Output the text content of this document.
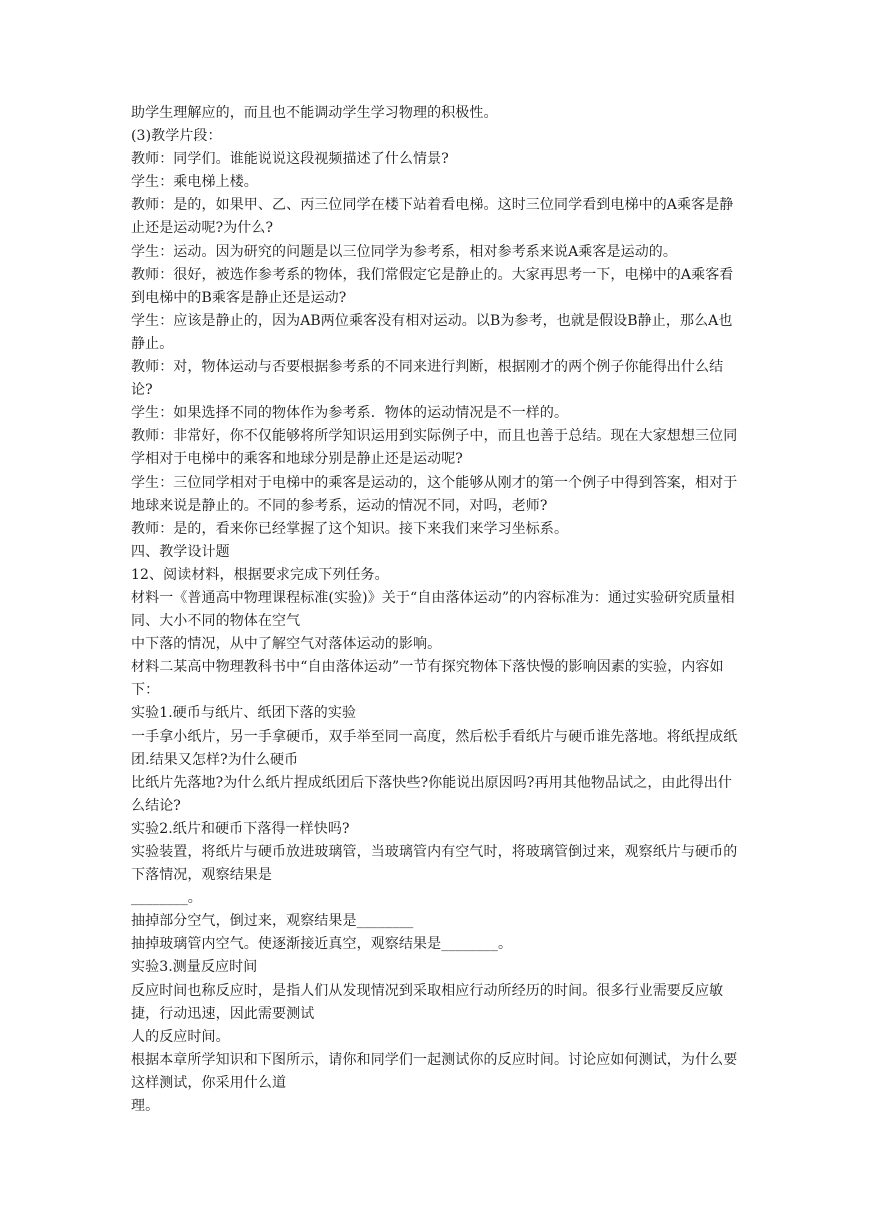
助学生理解应的，而且也不能调动学生学习物理的积极性。
(3)教学片段：
教师：同学们。谁能说说这段视频描述了什么情景?
学生：乘电梯上楼。
教师：是的，如果甲、乙、丙三位同学在楼下站着看电梯。这时三位同学看到电梯中的A乘客是静止还是运动呢?为什么?
学生：运动。因为研究的问题是以三位同学为参考系，相对参考系来说A乘客是运动的。
教师：很好，被选作参考系的物体，我们常假定它是静止的。大家再思考一下，电梯中的A乘客看到电梯中的B乘客是静止还是运动?
学生：应该是静止的，因为AB两位乘客没有相对运动。以B为参考，也就是假设B静止，那么A也静止。
教师：对，物体运动与否要根据参考系的不同来进行判断，根据刚才的两个例子你能得出什么结论?
学生：如果选择不同的物体作为参考系．物体的运动情况是不一样的。
教师：非常好，你不仅能够将所学知识运用到实际例子中，而且也善于总结。现在大家想想三位同学相对于电梯中的乘客和地球分别是静止还是运动呢?
学生：三位同学相对于电梯中的乘客是运动的，这个能够从刚才的第一个例子中得到答案，相对于地球来说是静止的。不同的参考系，运动的情况不同，对吗，老师?
教师：是的，看来你已经掌握了这个知识。接下来我们来学习坐标系。
四、教学设计题
12、阅读材料，根据要求完成下列任务。
材料一《普通高中物理课程标准(实验)》关于“自由落体运动”的内容标准为：通过实验研究质量相同、大小不同的物体在空气
中下落的情况，从中了解空气对落体运动的影响。
材料二某高中物理教科书中“自由落体运动”一节有探究物体下落快慢的影响因素的实验，内容如下：
实验1.硬币与纸片、纸团下落的实验
一手拿小纸片，另一手拿硬币，双手举至同一高度，然后松手看纸片与硬币谁先落地。将纸捏成纸团.结果又怎样?为什么硬币
比纸片先落地?为什么纸片捏成纸团后下落快些?你能说出原因吗?再用其他物品试之，由此得出什么结论?
实验2.纸片和硬币下落得一样快吗?
实验装置，将纸片与硬币放进玻璃管，当玻璃管内有空气时，将玻璃管倒过来，观察纸片与硬币的下落情况，观察结果是
________。
抽掉部分空气，倒过来，观察结果是________
抽掉玻璃管内空气。使逐渐接近真空，观察结果是________。
实验3.测量反应时间
反应时间也称反应时，是指人们从发现情况到采取相应行动所经历的时间。很多行业需要反应敏捷，行动迅速，因此需要测试
人的反应时间。
根据本章所学知识和下图所示，请你和同学们一起测试你的反应时间。讨论应如何测试，为什么要这样测试，你采用什么道
理。
